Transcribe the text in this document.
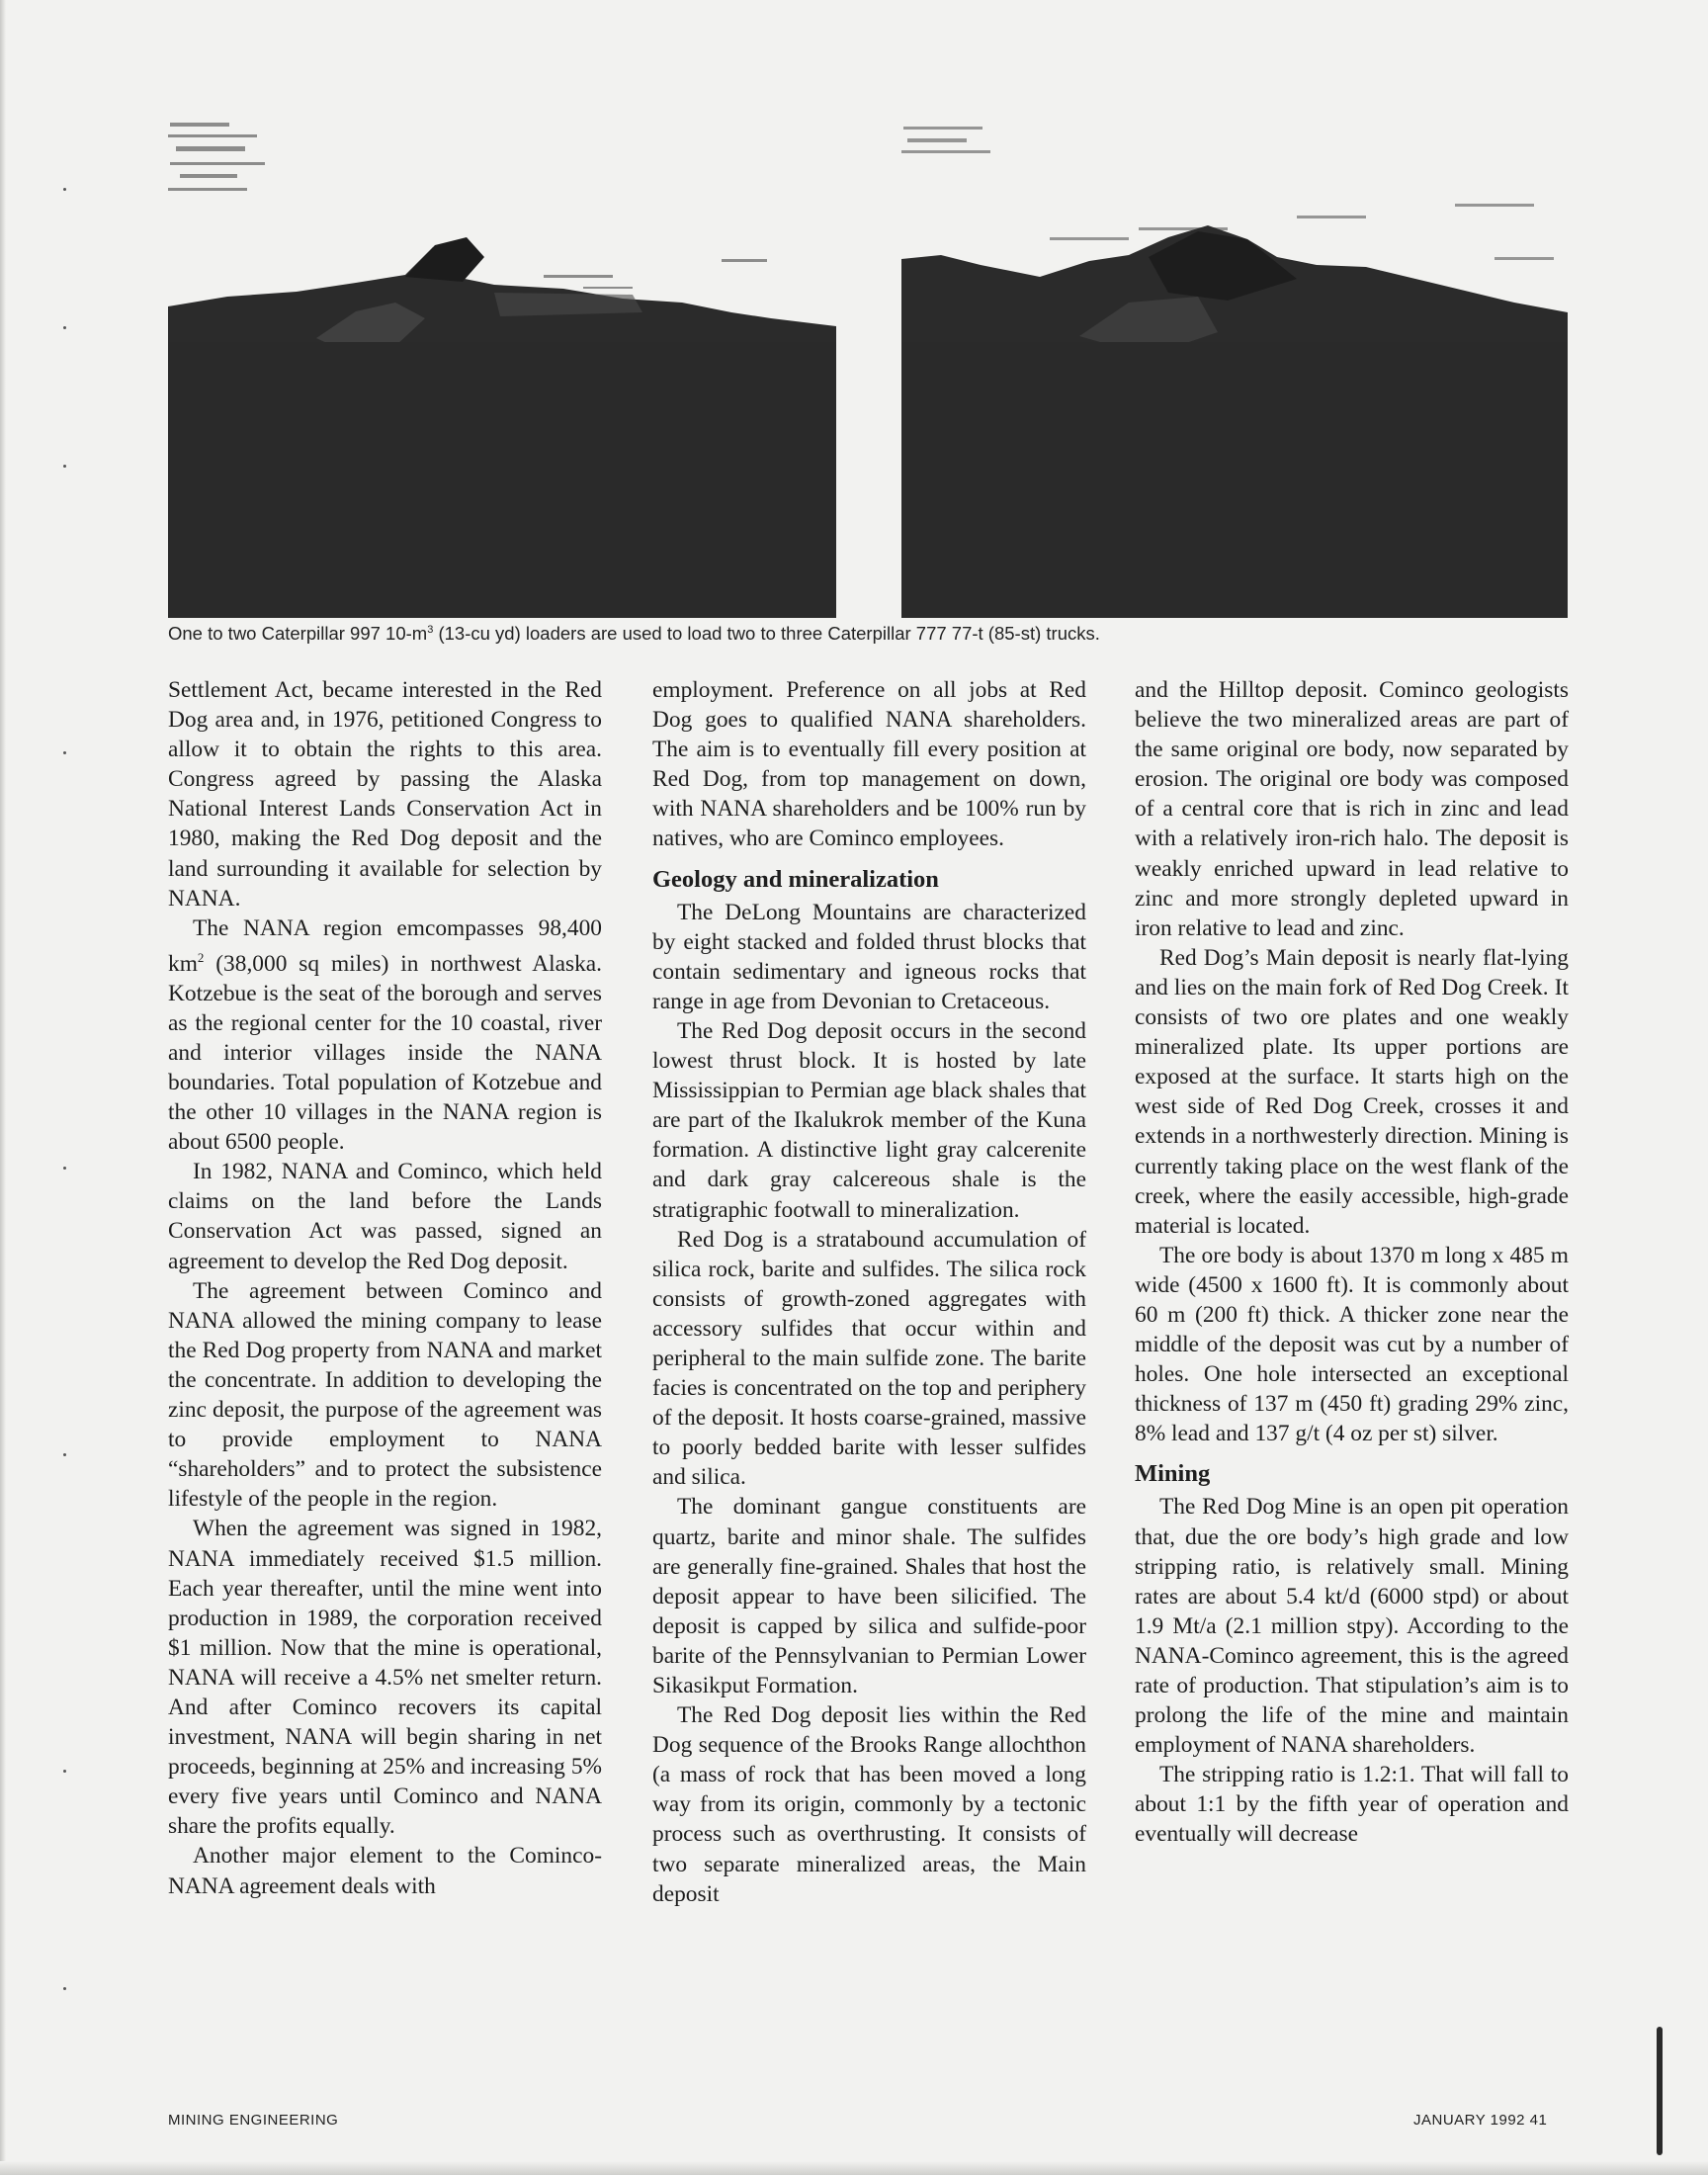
One to two Caterpillar 997 $10-m^3$ (13-cu yd) loaders are used to load two to three Caterpillar 777 77-t (85-st) trucks.

Settlement Act, became interested in the Red Dog area and, in 1976, petitioned Congress to allow it to obtain the rights to this area. Congress agreed by passing the Alaska National Interest Lands Conservation Act in 1980, making the Red Dog deposit and the land surrounding it available for selection by NANA.

The NANA region emcompasses 98,400 $km^2$ (38,000 sq miles) in northwest Alaska. Kotzebue is the seat of the borough and serves as the regional center for the 10 coastal, river and interior villages inside the NANA boundaries. Total population of Kotzebue and the other 10 villages in the NANA region is about 6500 people.

In 1982, NANA and Cominco, which held claims on the land before the Lands Conservation Act was passed, signed an agreement to develop the Red Dog deposit.

The agreement between Cominco and NANA allowed the mining company to lease the Red Dog property from NANA and market the concentrate. In addition to developing the zinc deposit, the purpose of the agreement was to provide employment to NANA “shareholders” and to protect the subsistence lifestyle of the people in the region.

When the agreement was signed in 1982, NANA immediately received $1.5 million. Each year thereafter, until the mine went into production in 1989, the corporation received $1 million. Now that the mine is operational, NANA will receive a 4.5% net smelter return. And after Cominco recovers its capital investment, NANA will begin sharing in net proceeds, beginning at 25% and increasing 5% every five years until Cominco and NANA share the profits equally.

Another major element to the Cominco-NANA agreement deals with

employment. Preference on all jobs at Red Dog goes to qualified NANA shareholders. The aim is to eventually fill every position at Red Dog, from top management on down, with NANA shareholders and be 100% run by natives, who are Cominco employees.

Geology and mineralization

The DeLong Mountains are characterized by eight stacked and folded thrust blocks that contain sedimentary and igneous rocks that range in age from Devonian to Cretaceous.

The Red Dog deposit occurs in the second lowest thrust block. It is hosted by late Mississippian to Permian age black shales that are part of the Ikalukrok member of the Kuna formation. A distinctive light gray calcerenite and dark gray calcereous shale is the stratigraphic footwall to mineralization.

Red Dog is a stratabound accumulation of silica rock, barite and sulfides. The silica rock consists of growth-zoned aggregates with accessory sulfides that occur within and peripheral to the main sulfide zone. The barite facies is concentrated on the top and periphery of the deposit. It hosts coarse-grained, massive to poorly bedded barite with lesser sulfides and silica.

The dominant gangue constituents are quartz, barite and minor shale. The sulfides are generally fine-grained. Shales that host the deposit appear to have been silicified. The deposit is capped by silica and sulfide-poor barite of the Pennsylvanian to Permian Lower Sikasikput Formation.

The Red Dog deposit lies within the Red Dog sequence of the Brooks Range allochthon (a mass of rock that has been moved a long way from its origin, commonly by a tectonic process such as overthrusting. It consists of two separate mineralized areas, the Main deposit

and the Hilltop deposit. Cominco geologists believe the two mineralized areas are part of the same original ore body, now separated by erosion. The original ore body was composed of a central core that is rich in zinc and lead with a relatively iron-rich halo. The deposit is weakly enriched upward in lead relative to zinc and more strongly depleted upward in iron relative to lead and zinc.

Red Dog’s Main deposit is nearly flat-lying and lies on the main fork of Red Dog Creek. It consists of two ore plates and one weakly mineralized plate. Its upper portions are exposed at the surface. It starts high on the west side of Red Dog Creek, crosses it and extends in a northwesterly direction. Mining is currently taking place on the west flank of the creek, where the easily accessible, high-grade material is located.

The ore body is about 1370 m long x 485 m wide (4500 x 1600 ft). It is commonly about 60 m (200 ft) thick. A thicker zone near the middle of the deposit was cut by a number of holes. One hole intersected an exceptional thickness of 137 m (450 ft) grading 29% zinc, 8% lead and 137 g/t (4 oz per st) silver.

Mining

The Red Dog Mine is an open pit operation that, due the ore body’s high grade and low stripping ratio, is relatively small. Mining rates are about 5.4 kt/d (6000 stpd) or about 1.9 Mt/a (2.1 million stpy). According to the NANA-Cominco agreement, this is the agreed rate of production. That stipulation’s aim is to prolong the life of the mine and maintain employment of NANA shareholders.

The stripping ratio is 1.2:1. That will fall to about 1:1 by the fifth year of operation and eventually will decrease

MINING ENGINEERING	JANUARY 1992 41
